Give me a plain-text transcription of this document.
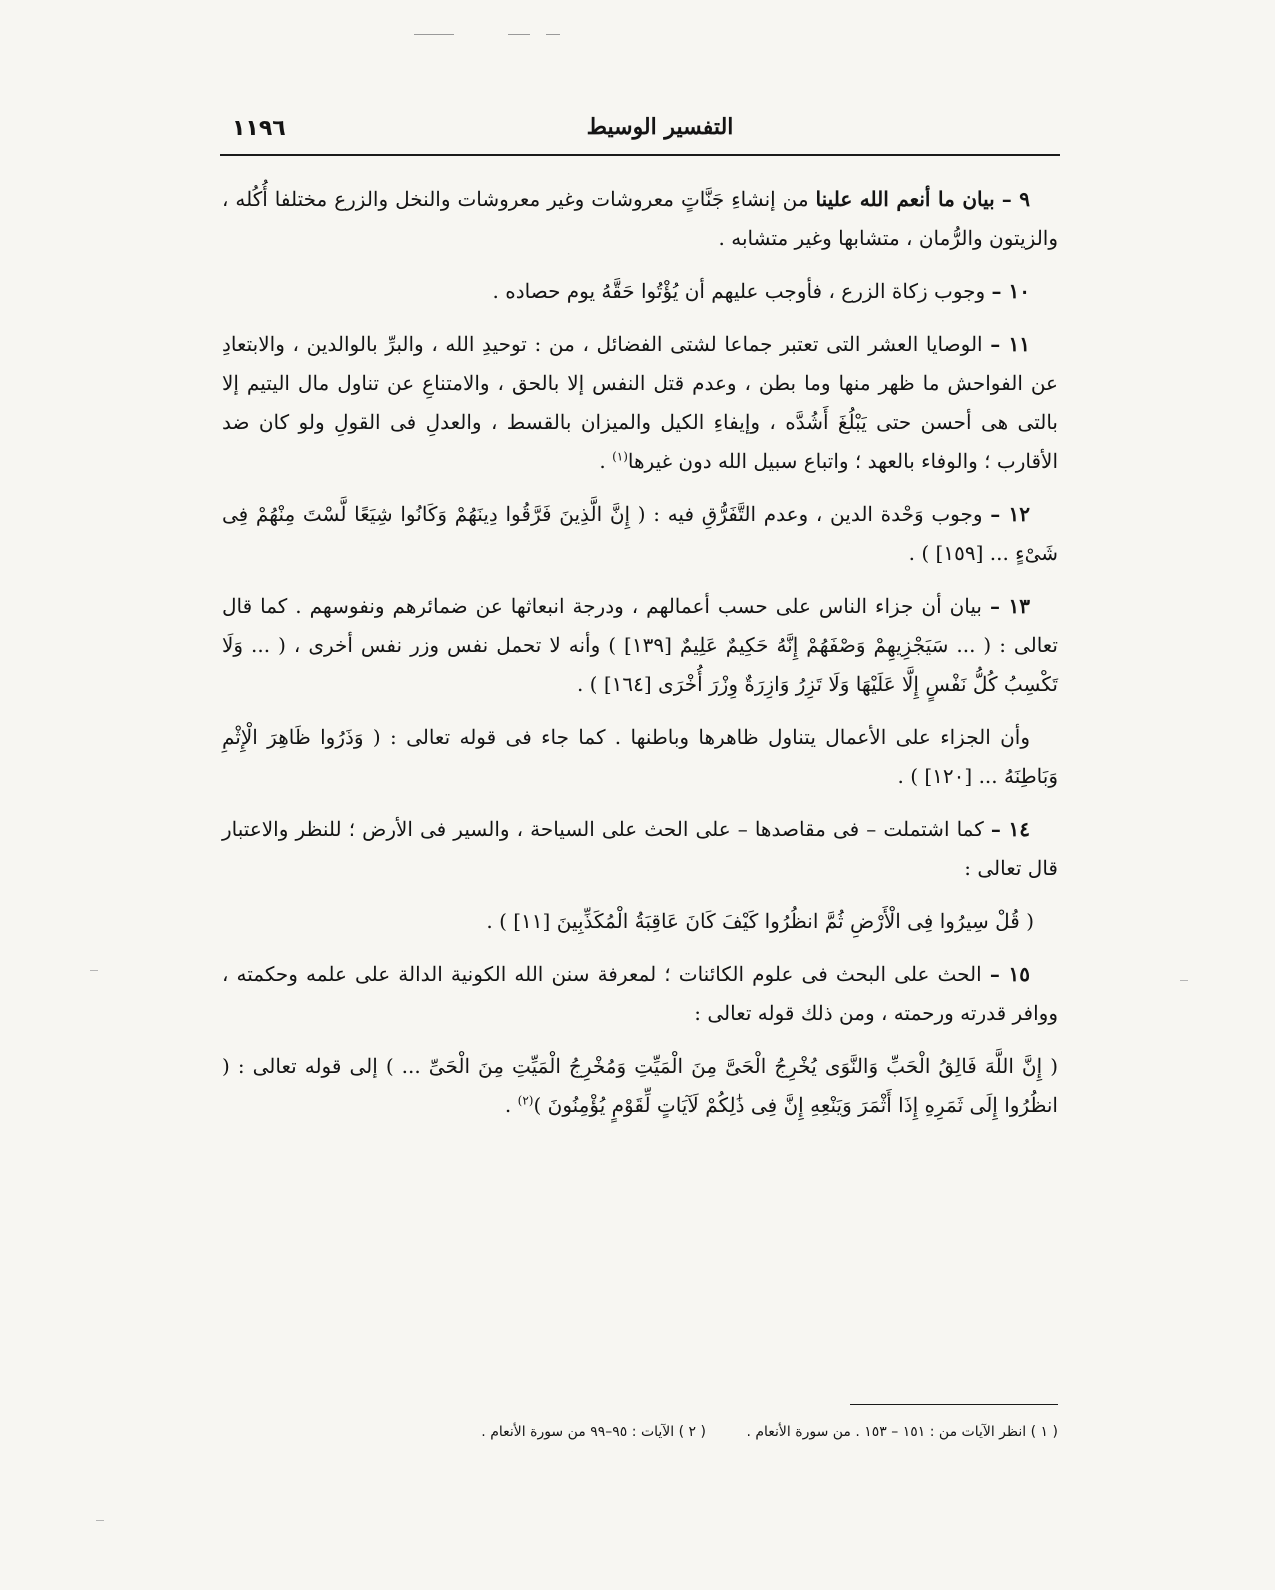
١١٩٦	التفسير الوسيط

٩ – بيان ما أنعم الله علينا من إنشاءِ جَنَّاتٍ معروشات وغير معروشات والنخل والزرع مختلفا أُكُله ، والزيتون والرُّمان ، متشابها وغير متشابه .

١٠ – وجوب زكاة الزرع ، فأوجب عليهم أن يُؤْتُوا حَقَّهُ يوم حصاده .

١١ – الوصايا العشر التى تعتبر جماعا لشتى الفضائل ، من : توحيدِ الله ، والبرِّ بالوالدين ، والابتعادِ عن الفواحش ما ظهر منها وما بطن ، وعدم قتل النفس إلا بالحق ، والامتناعِ عن تناول مال اليتيم إلا بالتى هى أحسن حتى يَبْلُغَ أَشُدَّه ، وإيفاءِ الكيل والميزان بالقسط ، والعدلِ فى القولِ ولو كان ضد الأقارب ؛ والوفاء بالعهد ؛ واتباع سبيل الله دون غيرها$^{(١)}$ .

١٢ – وجوب وَحْدة الدين ، وعدم التَّفَرُّقِ فيه : ( إِنَّ الَّذِينَ فَرَّقُوا دِينَهُمْ وَكَانُوا شِيَعًا لَّسْتَ مِنْهُمْ فِى شَىْءٍ ... [١٥٩] ) .

١٣ – بيان أن جزاء الناس على حسب أعمالهم ، ودرجة انبعاثها عن ضمائرهم ونفوسهم . كما قال تعالى : ( ... سَيَجْزِيهِمْ وَصْفَهُمْ إِنَّهُ حَكِيمٌ عَلِيمٌ [١٣٩] ) وأنه لا تحمل نفس وزر نفس أخرى ، ( ... وَلَا تَكْسِبُ كُلُّ نَفْسٍ إِلَّا عَلَيْهَا وَلَا تَزِرُ وَازِرَةٌ وِزْرَ أُخْرَى [١٦٤] ) .

وأن الجزاء على الأعمال يتناول ظاهرها وباطنها . كما جاء فى قوله تعالى : ( وَذَرُوا ظَاهِرَ الْإِثْمِ وَبَاطِنَهُ ... [١٢٠] ) .

١٤ – كما اشتملت – فى مقاصدها – على الحث على السياحة ، والسير فى الأرض ؛ للنظر والاعتبار قال تعالى :

( قُلْ سِيرُوا فِى الْأَرْضِ ثُمَّ انظُرُوا كَيْفَ كَانَ عَاقِبَةُ الْمُكَذِّبِينَ [١١] ) .

١٥ – الحث على البحث فى علوم الكائنات ؛ لمعرفة سنن الله الكونية الدالة على علمه وحكمته ، ووافر قدرته ورحمته ، ومن ذلك قوله تعالى :

( إِنَّ اللَّهَ فَالِقُ الْحَبِّ وَالنَّوَى يُخْرِجُ الْحَىَّ مِنَ الْمَيِّتِ وَمُخْرِجُ الْمَيِّتِ مِنَ الْحَىِّ ... ) إلى قوله تعالى : ( انظُرُوا إِلَى ثَمَرِهِ إِذَا أَثْمَرَ وَيَنْعِهِ إِنَّ فِى ذَٰلِكُمْ لَآيَاتٍ لِّقَوْمٍ يُؤْمِنُونَ )$^{(٢)}$ .

( ١ ) انظر الآيات من : ١٥١ – ١٥٣ . من سورة الأنعام . ( ٢ ) الآيات : ٩٥–٩٩ من سورة الأنعام .
